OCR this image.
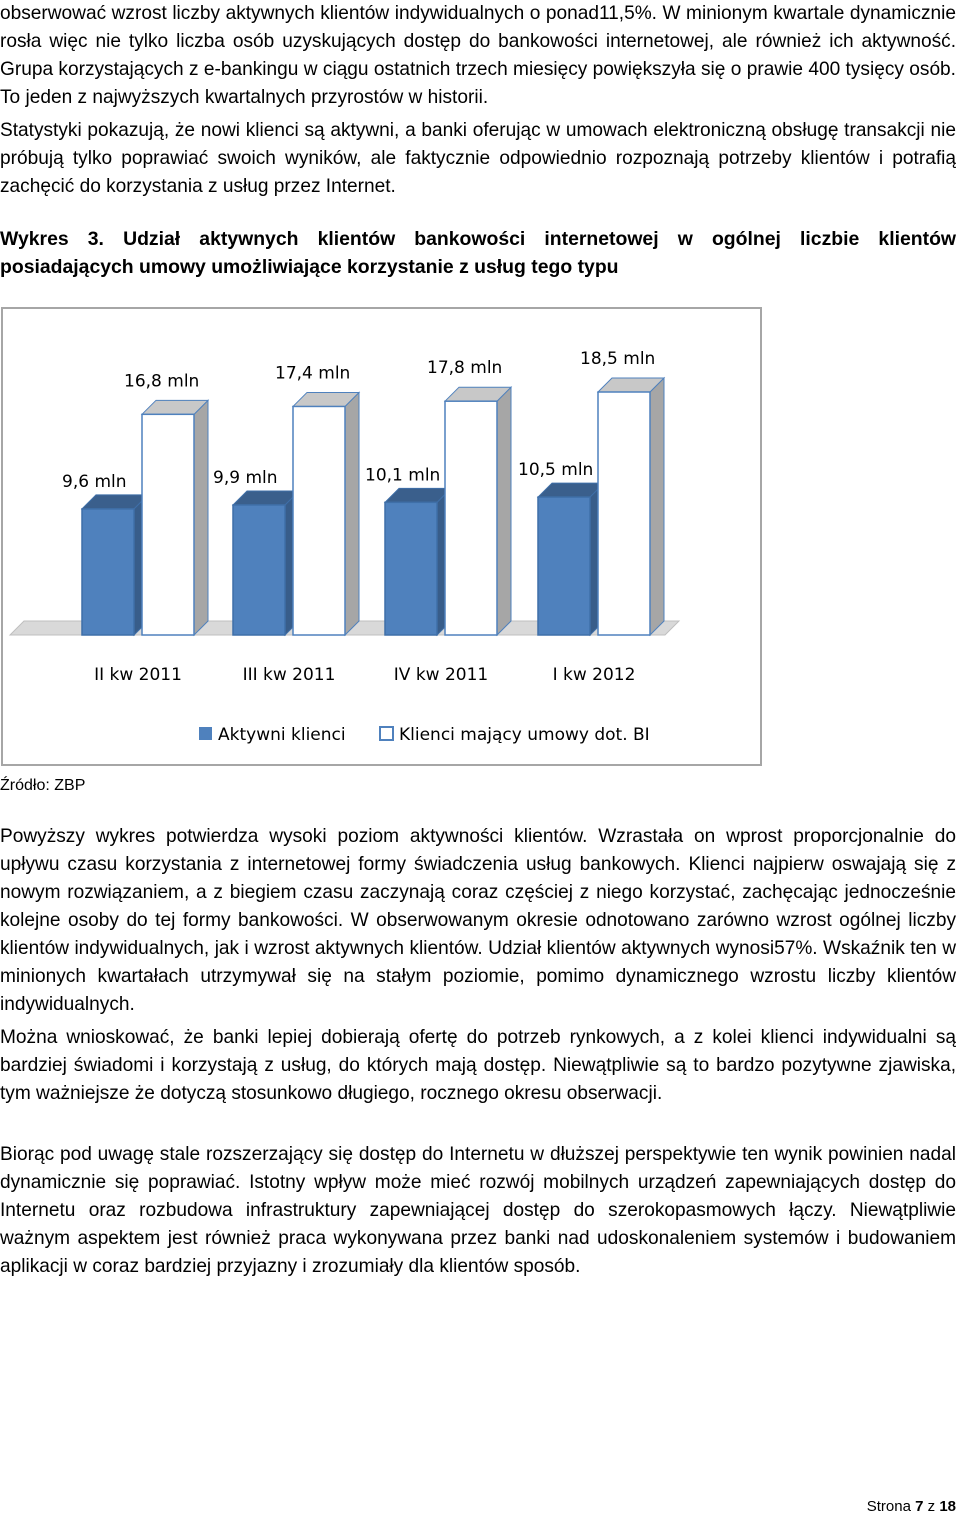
obserwować wzrost liczby aktywnych klientów indywidualnych o ponad11,5%. W minionym kwartale dynamicznie rosła więc nie tylko liczba osób uzyskujących dostęp do bankowości internetowej, ale również ich aktywność. Grupa korzystających z e-bankingu w ciągu ostatnich trzech miesięcy powiększyła się o prawie 400 tysięcy osób. To jeden z najwyższych kwartalnych przyrostów w historii.

Statystyki pokazują, że nowi klienci są aktywni, a banki oferując w umowach elektroniczną obsługę transakcji nie próbują tylko poprawiać swoich wyników, ale faktycznie odpowiednio rozpoznają potrzeby klientów i potrafią zachęcić do korzystania z usług przez Internet.

Wykres 3. Udział aktywnych klientów bankowości internetowej w ogólnej liczbie klientów posiadających umowy umożliwiające korzystanie z usług tego typu

9,6 mln
16,8 mln
II kw 2011
9,9 mln
17,4 mln
III kw 2011
10,1 mln
17,8 mln
IV kw 2011
10,5 mln
18,5 mln
I kw 2012
Aktywni klienci	Klienci mający umowy dot. BI
Źródło: ZBP

Powyższy wykres potwierdza wysoki poziom aktywności klientów. Wzrastała on wprost proporcjonalnie do upływu czasu korzystania z internetowej formy świadczenia usług bankowych. Klienci najpierw oswajają się z nowym rozwiązaniem, a z biegiem czasu zaczynają coraz częściej z niego korzystać, zachęcając jednocześnie kolejne osoby do tej formy bankowości. W obserwowanym okresie odnotowano zarówno wzrost ogólnej liczby klientów indywidualnych, jak i wzrost aktywnych klientów. Udział klientów aktywnych wynosi57%. Wskaźnik ten w minionych kwartałach utrzymywał się na stałym poziomie, pomimo dynamicznego wzrostu liczby klientów indywidualnych.

Można wnioskować, że banki lepiej dobierają ofertę do potrzeb rynkowych, a z kolei klienci indywidualni są bardziej świadomi i korzystają z usług, do których mają dostęp. Niewątpliwie są to bardzo pozytywne zjawiska, tym ważniejsze że dotyczą stosunkowo długiego, rocznego okresu obserwacji.

Biorąc pod uwagę stale rozszerzający się dostęp do Internetu w dłuższej perspektywie ten wynik powinien nadal dynamicznie się poprawiać. Istotny wpływ może mieć rozwój mobilnych urządzeń zapewniających dostęp do Internetu oraz rozbudowa infrastruktury zapewniającej dostęp do szerokopasmowych łączy. Niewątpliwie ważnym aspektem jest również praca wykonywana przez banki nad udoskonaleniem systemów i budowaniem aplikacji w coraz bardziej przyjazny i zrozumiały dla klientów sposób.

Strona 7 z 18
